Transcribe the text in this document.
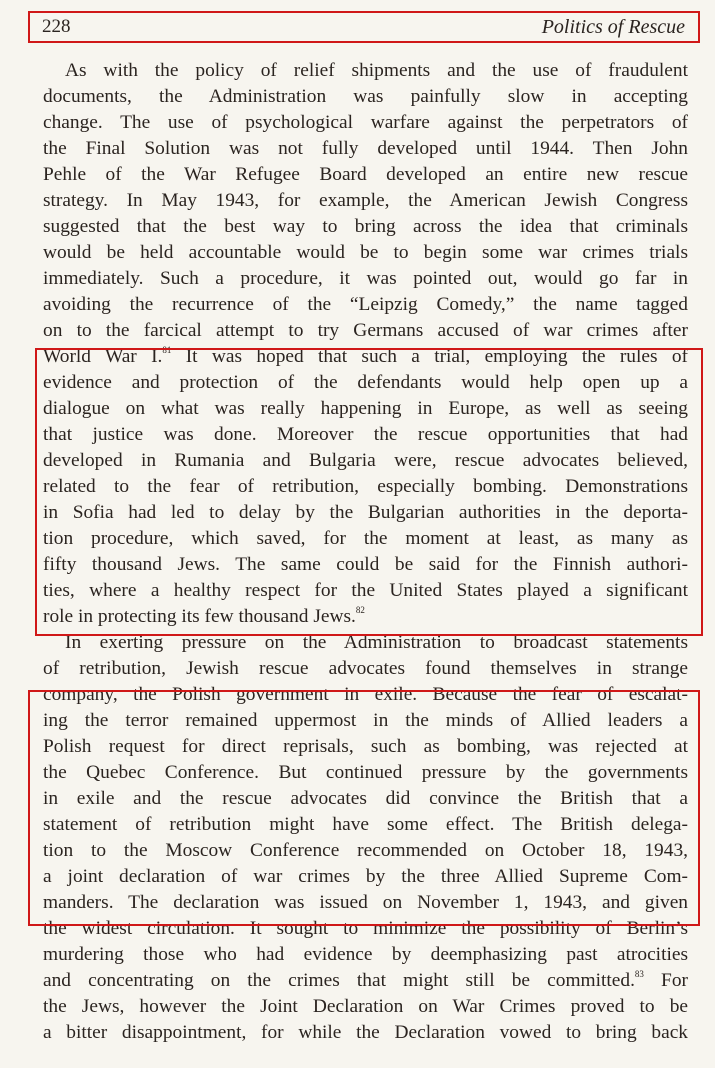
228	Politics of Rescue
As with the policy of relief shipments and the use of fraudulent
documents, the Administration was painfully slow in accepting
change. The use of psychological warfare against the perpetrators of
the Final Solution was not fully developed until 1944. Then John
Pehle of the War Refugee Board developed an entire new rescue
strategy. In May 1943, for example, the American Jewish Congress
suggested that the best way to bring across the idea that criminals
would be held accountable would be to begin some war crimes trials
immediately. Such a procedure, it was pointed out, would go far in
avoiding the recurrence of the “Leipzig Comedy,” the name tagged
on to the farcical attempt to try Germans accused of war crimes after
World War I.$^{81}$ It was hoped that such a trial, employing the rules of
evidence and protection of the defendants would help open up a
dialogue on what was really happening in Europe, as well as seeing
that justice was done. Moreover the rescue opportunities that had
developed in Rumania and Bulgaria were, rescue advocates believed,
related to the fear of retribution, especially bombing. Demonstrations
in Sofia had led to delay by the Bulgarian authorities in the deporta-
tion procedure, which saved, for the moment at least, as many as
fifty thousand Jews. The same could be said for the Finnish authori-
ties, where a healthy respect for the United States played a significant
role in protecting its few thousand Jews.$^{82}$
In exerting pressure on the Administration to broadcast statements
of retribution, Jewish rescue advocates found themselves in strange
company, the Polish government in exile. Because the fear of escalat-
ing the terror remained uppermost in the minds of Allied leaders a
Polish request for direct reprisals, such as bombing, was rejected at
the Quebec Conference. But continued pressure by the governments
in exile and the rescue advocates did convince the British that a
statement of retribution might have some effect. The British delega-
tion to the Moscow Conference recommended on October 18, 1943,
a joint declaration of war crimes by the three Allied Supreme Com-
manders. The declaration was issued on November 1, 1943, and given
the widest circulation. It sought to minimize the possibility of Berlin’s
murdering those who had evidence by deemphasizing past atrocities
and concentrating on the crimes that might still be committed.$^{83}$ For
the Jews, however the Joint Declaration on War Crimes proved to be
a bitter disappointment, for while the Declaration vowed to bring back
